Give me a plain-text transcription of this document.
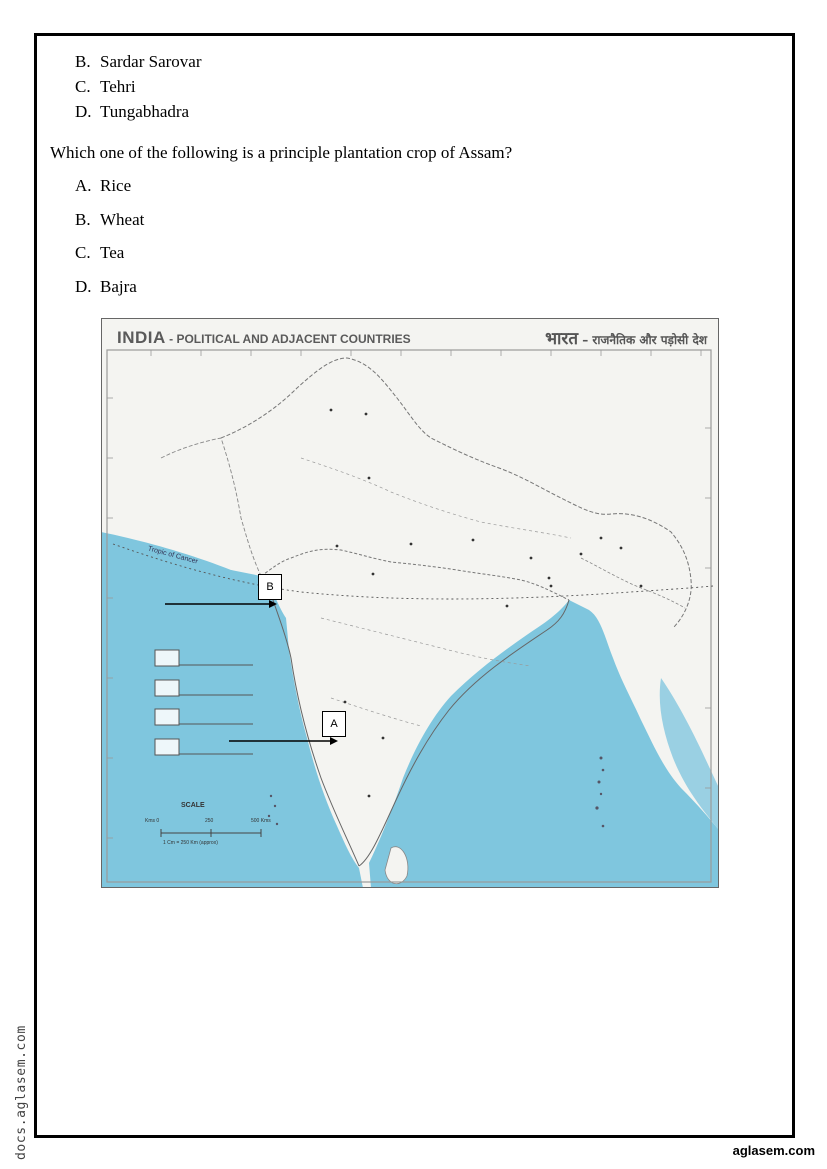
B. Sardar Sarovar
C. Tehri
D. Tungabhadra
Which one of the following is a principle plantation crop of Assam?
A. Rice
B. Wheat
C. Tea
D. Bajra
INDIA - POLITICAL AND ADJACENT COUNTRIES	भारत – राजनैतिक और पड़ोसी देश
Tropic of Cancer
B
A
SCALE
Kms 0	250	500 Kms
1 Cm = 250 Km (approx)
docs.aglasem.com	aglasem.com
